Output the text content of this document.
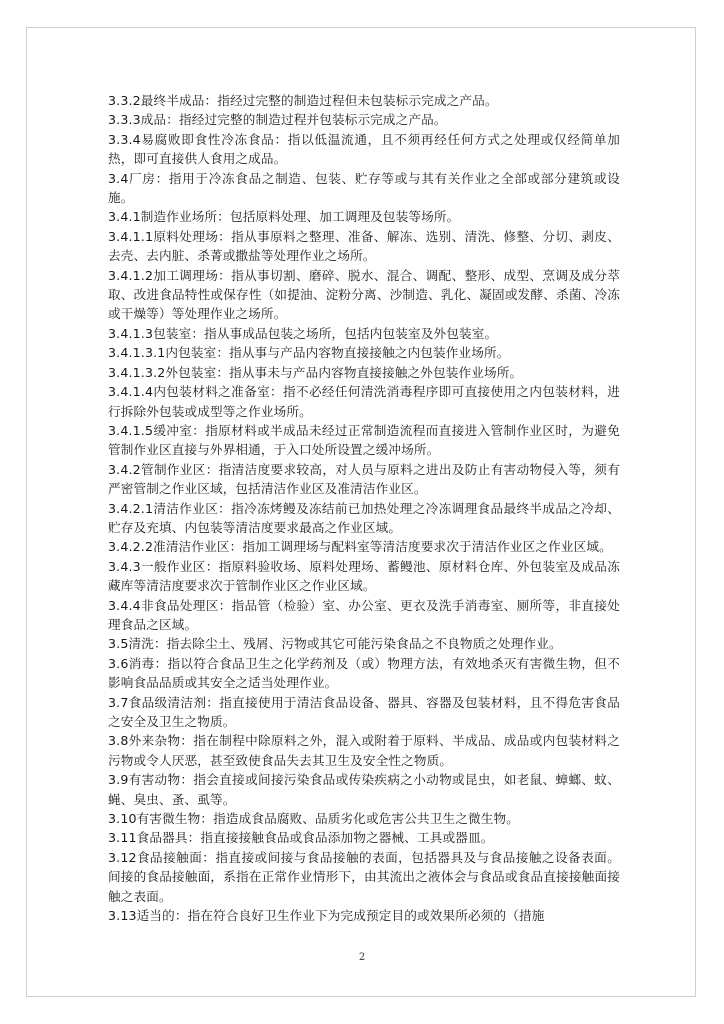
3.3.2最终半成品：指经过完整的制造过程但未包装标示完成之产品。

3.3.3成品：指经过完整的制造过程并包装标示完成之产品。

3.3.4易腐败即食性冷冻食品：指以低温流通，且不须再经任何方式之处理或仅经简单加热，即可直接供人食用之成品。

3.4厂房：指用于冷冻食品之制造、包装、贮存等或与其有关作业之全部或部分建筑或设施。

3.4.1制造作业场所：包括原料处理、加工调理及包装等场所。

3.4.1.1原料处理场：指从事原料之整理、准备、解冻、选别、清洗、修整、分切、剥皮、去壳、去内脏、杀菁或撒盐等处理作业之场所。

3.4.1.2加工调理场：指从事切割、磨碎、脱水、混合、调配、整形、成型、烹调及成分萃取、改进食品特性或保存性（如提油、淀粉分离、沙制造、乳化、凝固或发酵、杀菌、冷冻或干燥等）等处理作业之场所。

3.4.1.3包装室：指从事成品包装之场所，包括内包装室及外包装室。

3.4.1.3.1内包装室：指从事与产品内容物直接接触之内包装作业场所。

3.4.1.3.2外包装室：指从事未与产品内容物直接接触之外包装作业场所。

3.4.1.4内包装材料之准备室：指不必经任何清洗消毒程序即可直接使用之内包装材料，进行拆除外包装或成型等之作业场所。

3.4.1.5缓冲室：指原材料或半成品未经过正常制造流程而直接进入管制作业区时，为避免管制作业区直接与外界相通，于入口处所设置之缓冲场所。

3.4.2管制作业区：指清洁度要求较高，对人员与原料之进出及防止有害动物侵入等，须有严密管制之作业区域，包括清洁作业区及准清洁作业区。

3.4.2.1清洁作业区：指冷冻烤鳗及冻结前已加热处理之冷冻调理食品最终半成品之冷却、贮存及充填、内包装等清洁度要求最高之作业区域。

3.4.2.2准清洁作业区：指加工调理场与配料室等清洁度要求次于清洁作业区之作业区域。

3.4.3一般作业区：指原料验收场、原料处理场、蓄鳗池、原材料仓库、外包装室及成品冻藏库等清洁度要求次于管制作业区之作业区域。

3.4.4非食品处理区：指品管（检验）室、办公室、更衣及洗手消毒室、厕所等，非直接处理食品之区域。

3.5清洗：指去除尘土、残屑、污物或其它可能污染食品之不良物质之处理作业。

3.6消毒：指以符合食品卫生之化学药剂及（或）物理方法，有效地杀灭有害微生物，但不影响食品品质或其安全之适当处理作业。

3.7食品级清洁剂：指直接使用于清洁食品设备、器具、容器及包装材料，且不得危害食品之安全及卫生之物质。

3.8外来杂物：指在制程中除原料之外，混入或附着于原料、半成品、成品或内包装材料之污物或令人厌恶，甚至致使食品失去其卫生及安全性之物质。

3.9有害动物：指会直接或间接污染食品或传染疾病之小动物或昆虫，如老鼠、蟑螂、蚊、蝇、臭虫、蚤、虱等。

3.10有害微生物：指造成食品腐败、品质劣化或危害公共卫生之微生物。

3.11食品器具：指直接接触食品或食品添加物之器械、工具或器皿。

3.12食品接触面：指直接或间接与食品接触的表面，包括器具及与食品接触之设备表面。间接的食品接触面，系指在正常作业情形下，由其流出之液体会与食品或食品直接接触面接触之表面。

3.13适当的：指在符合良好卫生作业下为完成预定目的或效果所必须的（措施

2
